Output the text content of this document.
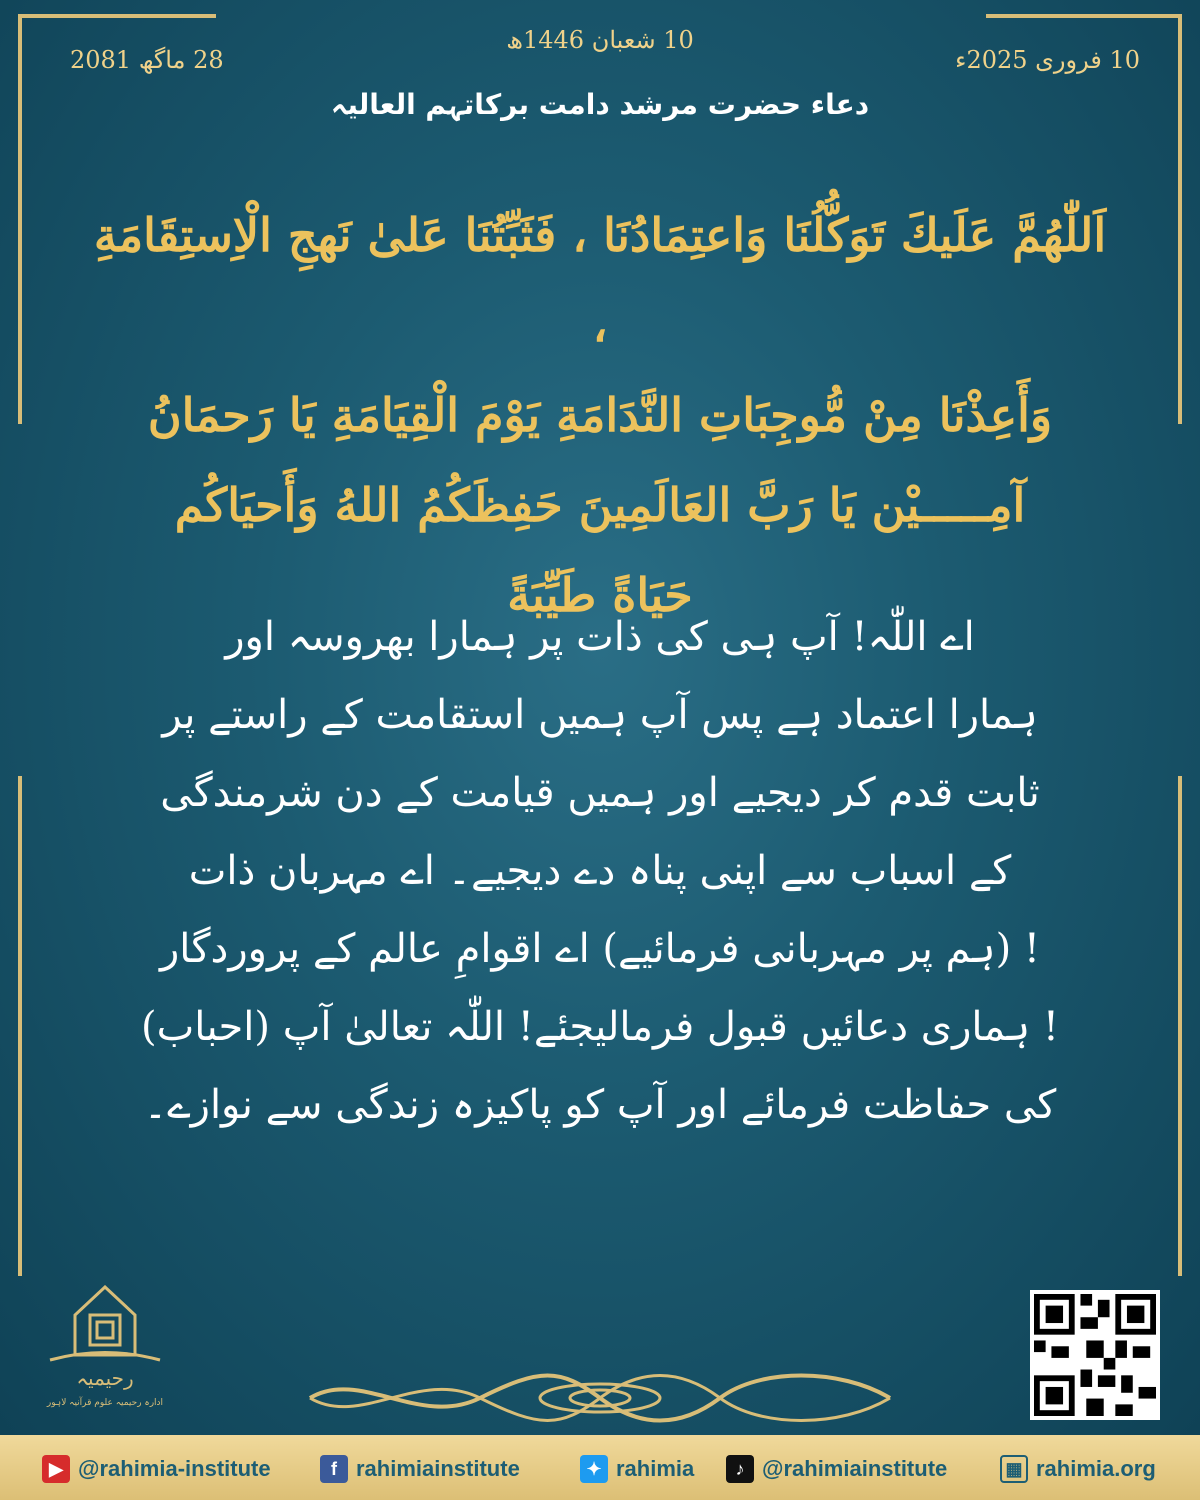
10 شعبان 1446ھ
10 فروری 2025ء
28 ماگھ 2081
دعاء حضرت مرشد دامت برکاتہم العالیہ

اَللّٰهُمَّ عَلَيكَ تَوَكُّلُنَا وَاعتِمَادُنَا ، فَثَبِّتُنَا عَلىٰ نَهجِ الْاِستِقَامَةِ ،

وَأَعِذْنَا مِنْ مُّوجِبَاتِ النَّدَامَةِ يَوْمَ الْقِيَامَةِ يَا رَحمَانُ

آمِـــــيْن يَا رَبَّ العَالَمِينَ حَفِظَكُمُ اللهُ وَأَحيَاكُم

حَيَاةً طَيِّبَةً

اے اللّٰہ! آپ ہی کی ذات پر ہمارا بھروسہ اور

ہمارا اعتماد ہے پس آپ ہمیں استقامت کے راستے پر

ثابت قدم کر دیجیے اور ہمیں قیامت کے دن شرمندگی

کے اسباب سے اپنی پناہ دے دیجیے۔ اے مہربان ذات

! (ہم پر مہربانی فرمائیے) اے اقوامِ عالم کے پروردگار

! ہماری دعائیں قبول فرمالیجئے! اللّٰہ تعالیٰ آپ (احباب)

کی حفاظت فرمائے اور آپ کو پاکیزہ زندگی سے نوازے۔

رحیمیہ
ادارہ رحیمیہ علوم قرآنیہ لاہور
▶ @rahimia-institute	f rahimiainstitute	✦ rahimia	♪ @rahimiainstitute	▦ rahimia.org
